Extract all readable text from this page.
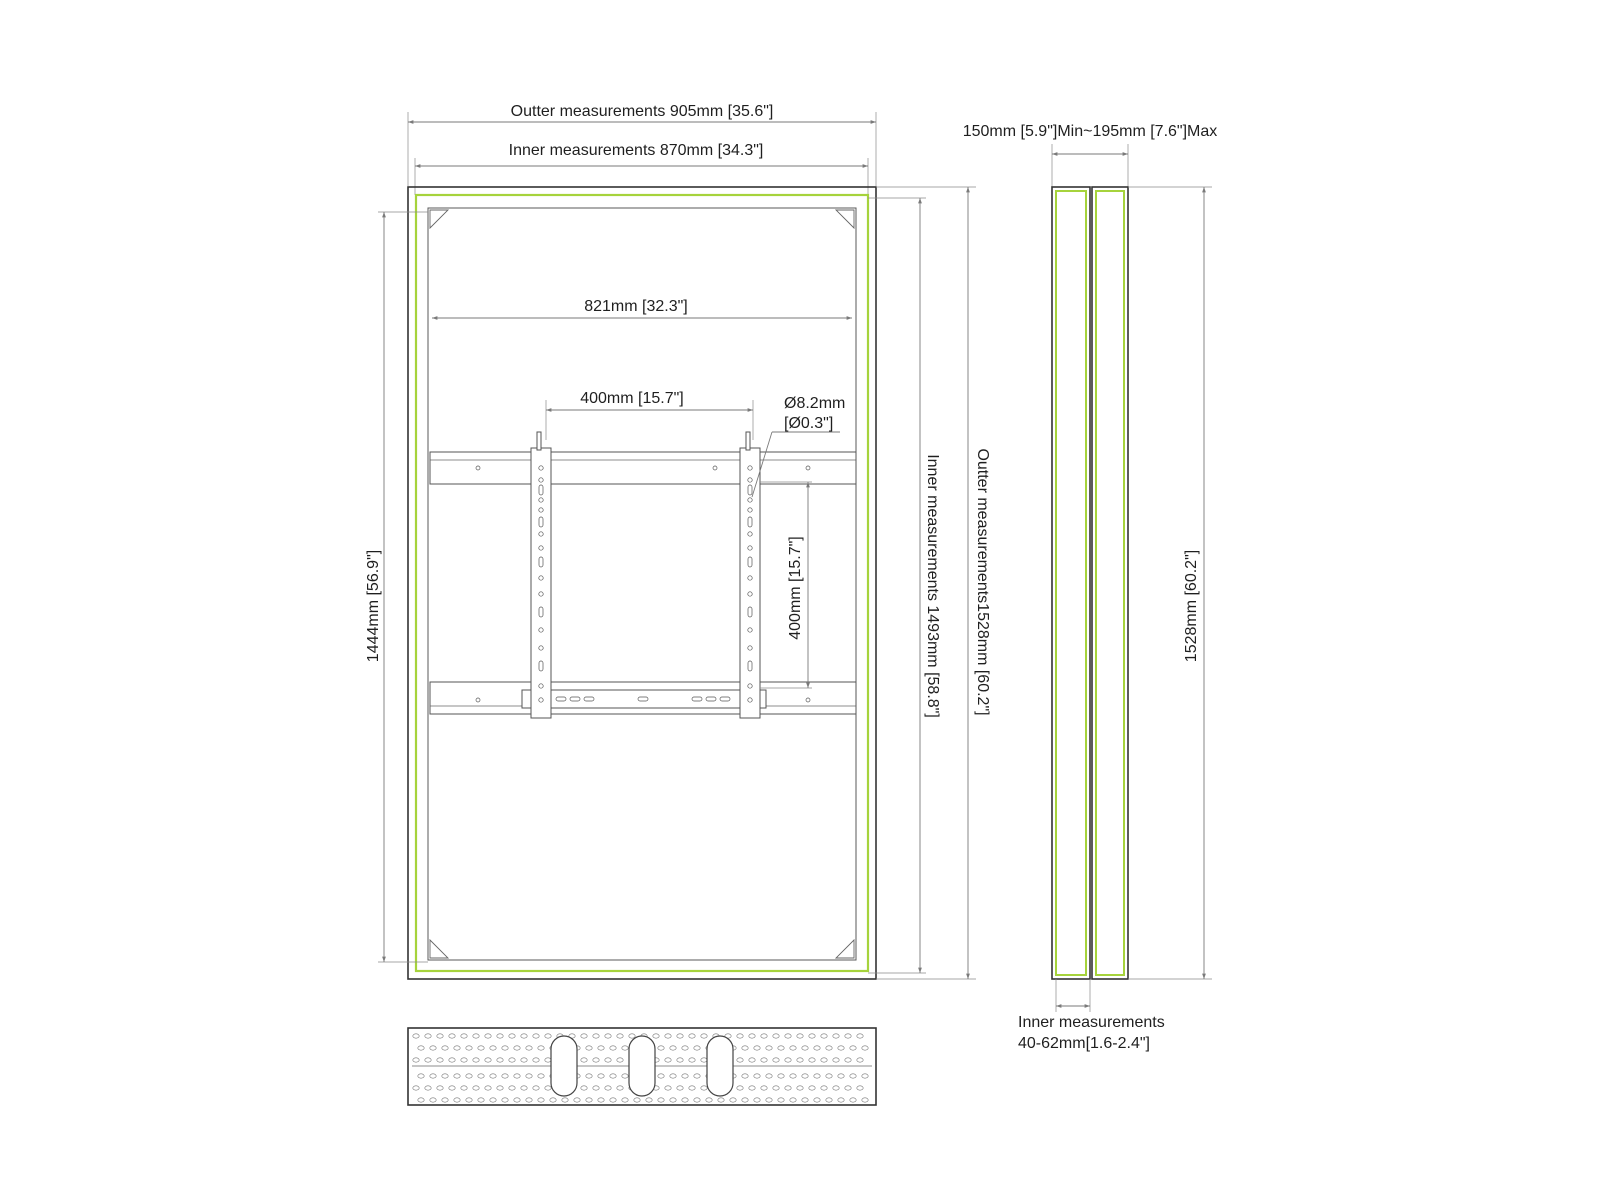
Outter measurements 905mm [35.6"]
Inner measurements 870mm [34.3"]
821mm [32.3"]
400mm [15.7"]	Ø8.2mm
[Ø0.3"]
400mm [15.7"]
1444mm [56.9"]	Inner measurements 1493mm [58.8"] Outter measurements1528mm [60.2"]
150mm [5.9"]Min~195mm [7.6"]Max
1528mm [60.2"]
Inner measurements
40-62mm[1.6-2.4"]
